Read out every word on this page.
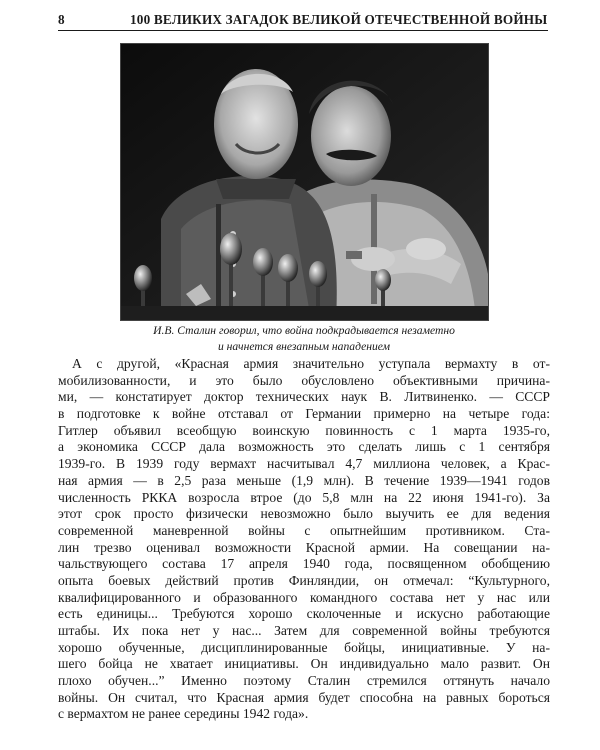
8	100 ВЕЛИКИХ ЗАГАДОК ВЕЛИКОЙ ОТЕЧЕСТВЕННОЙ ВОЙНЫ
И.В. Сталин говорил, что война подкрадывается незаметно
и начнется внезапным нападением
А с другой, «Красная армия значительно уступала вермахту в от-
мобилизованности, и это было обусловлено объективными причина-
ми, — констатирует доктор технических наук В. Литвиненко. — СССР
в подготовке к войне отставал от Германии примерно на четыре года:
Гитлер объявил всеобщую воинскую повинность с 1 марта 1935-го,
а экономика СССР дала возможность это сделать лишь с 1 сентября
1939-го. В 1939 году вермахт насчитывал 4,7 миллиона человек, а Крас-
ная армия — в 2,5 раза меньше (1,9 млн). В течение 1939—1941 годов
численность РККА возросла втрое (до 5,8 млн на 22 июня 1941-го). За
этот срок просто физически невозможно было выучить ее для ведения
современной маневренной войны с опытнейшим противником. Ста-
лин трезво оценивал возможности Красной армии. На совещании на-
чальствующего состава 17 апреля 1940 года, посвященном обобщению
опыта боевых действий против Финляндии, он отмечал: “Культурного,
квалифицированного и образованного командного состава нет у нас или
есть единицы... Требуются хорошо сколоченные и искусно работающие
штабы. Их пока нет у нас... Затем для современной войны требуются
хорошо обученные, дисциплинированные бойцы, инициативные. У на-
шего бойца не хватает инициативы. Он индивидуально мало развит. Он
плохо обучен...” Именно поэтому Сталин стремился оттянуть начало
войны. Он считал, что Красная армия будет способна на равных бороться
с вермахтом не ранее середины 1942 года».
